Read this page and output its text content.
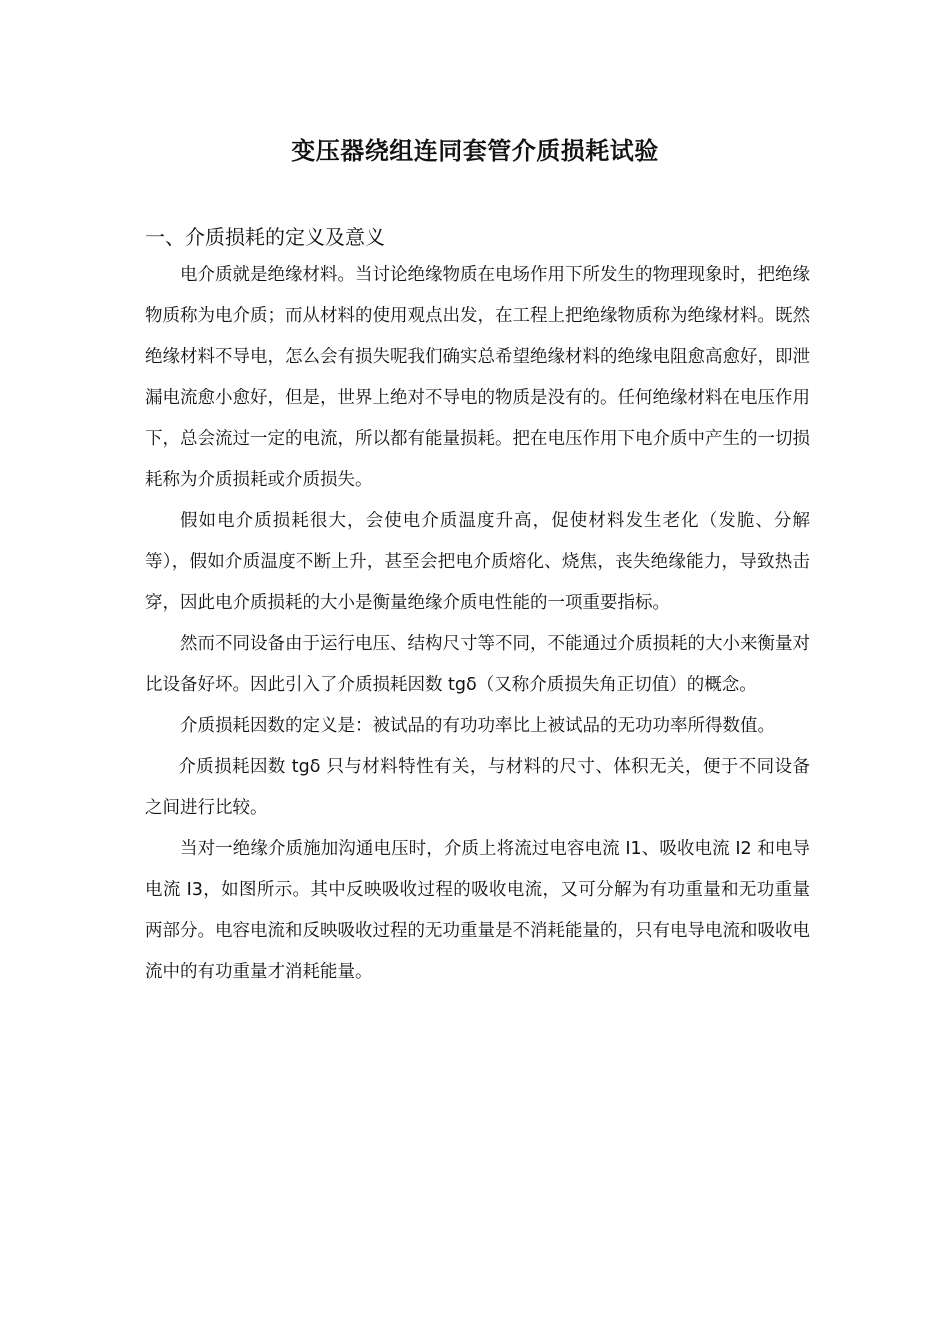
变压器绕组连同套管介质损耗试验
一、介质损耗的定义及意义

电介质就是绝缘材料。当讨论绝缘物质在电场作用下所发生的物理现象时，把绝缘物质称为电介质；而从材料的使用观点出发，在工程上把绝缘物质称为绝缘材料。既然绝缘材料不导电，怎么会有损失呢我们确实总希望绝缘材料的绝缘电阻愈高愈好，即泄漏电流愈小愈好，但是，世界上绝对不导电的物质是没有的。任何绝缘材料在电压作用下，总会流过一定的电流，所以都有能量损耗。把在电压作用下电介质中产生的一切损耗称为介质损耗或介质损失。

假如电介质损耗很大，会使电介质温度升高，促使材料发生老化（发脆、分解等），假如介质温度不断上升，甚至会把电介质熔化、烧焦，丧失绝缘能力，导致热击穿，因此电介质损耗的大小是衡量绝缘介质电性能的一项重要指标。

然而不同设备由于运行电压、结构尺寸等不同，不能通过介质损耗的大小来衡量对比设备好坏。因此引入了介质损耗因数 tgδ（又称介质损失角正切值）的概念。

介质损耗因数的定义是：被试品的有功功率比上被试品的无功功率所得数值。

介质损耗因数 tgδ 只与材料特性有关，与材料的尺寸、体积无关，便于不同设备之间进行比较。

当对一绝缘介质施加沟通电压时，介质上将流过电容电流 I1、吸收电流 I2 和电导电流 I3，如图所示。其中反映吸收过程的吸收电流，又可分解为有功重量和无功重量两部分。电容电流和反映吸收过程的无功重量是不消耗能量的，只有电导电流和吸收电流中的有功重量才消耗能量。
